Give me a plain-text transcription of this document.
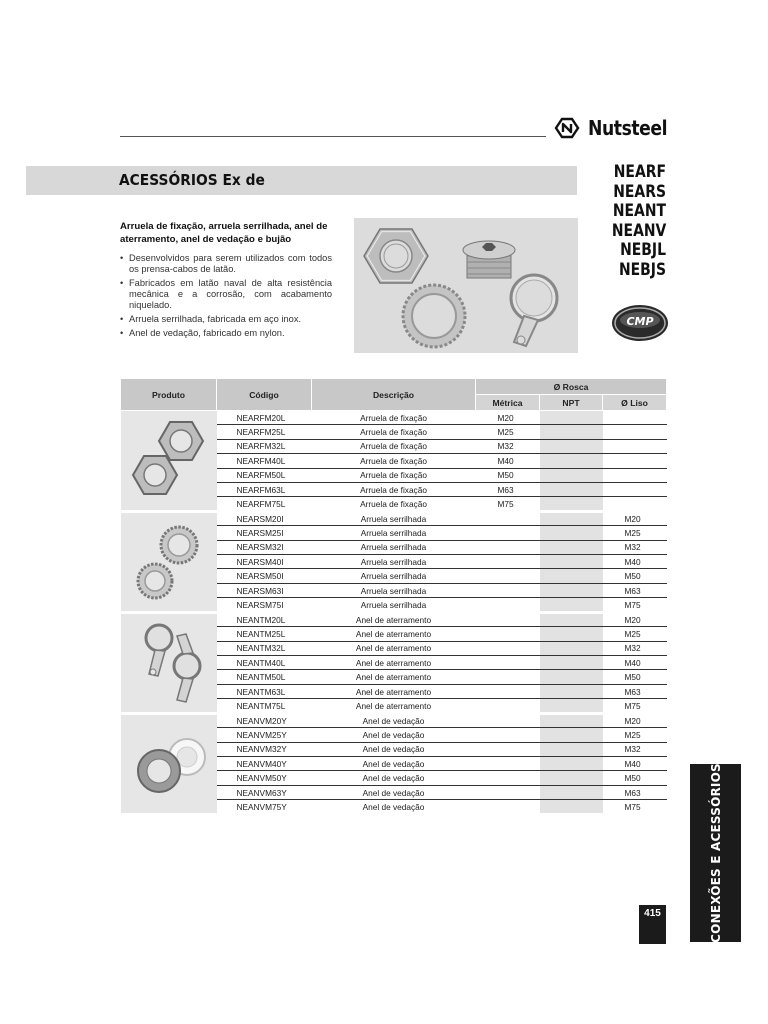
Nutsteel
ACESSÓRIOS Ex de	NEARF
NEARS
NEANT
NEANV
NEBJL
NEBJS
CMP
Arruela de fixação, arruela serrilhada, anel de aterramento, anel de vedação e bujão
• Desenvolvidos para serem utilizados com todos os prensa-cabos de latão.
• Fabricados em latão naval de alta resistência mecânica e a corrosão, com acabamento niquelado.
• Arruela serrilhada, fabricada em aço inox.
• Anel de vedação, fabricado em nylon.
Produto	Código	Descrição	Ø Rosca		
			Métrica	NPT	Ø Liso
	NEARFM20L	Arruela de fixação	M20		
	NEARFM25L	Arruela de fixação	M25		
	NEARFM32L	Arruela de fixação	M32		
	NEARFM40L	Arruela de fixação	M40		
	NEARFM50L	Arruela de fixação	M50		
	NEARFM63L	Arruela de fixação	M63		
	NEARFM75L	Arruela de fixação	M75		
	NEARSM20I	Arruela serrilhada			M20
	NEARSM25I	Arruela serrilhada			M25
	NEARSM32I	Arruela serrilhada			M32
	NEARSM40I	Arruela serrilhada			M40
	NEARSM50I	Arruela serrilhada			M50
	NEARSM63I	Arruela serrilhada			M63
	NEARSM75I	Arruela serrilhada			M75
	NEANTM20L	Anel de aterramento			M20
	NEANTM25L	Anel de aterramento			M25
	NEANTM32L	Anel de aterramento			M32
	NEANTM40L	Anel de aterramento			M40
	NEANTM50L	Anel de aterramento			M50
	NEANTM63L	Anel de aterramento			M63
	NEANTM75L	Anel de aterramento			M75
	NEANVM20Y	Anel de vedação			M20
	NEANVM25Y	Anel de vedação			M25
	NEANVM32Y	Anel de vedação			M32
	NEANVM40Y	Anel de vedação			M40
	NEANVM50Y	Anel de vedação			M50
	NEANVM63Y	Anel de vedação			M63
	NEANVM75Y	Anel de vedação			M75	CONEXÕES E ACESSÓRIOS
415
